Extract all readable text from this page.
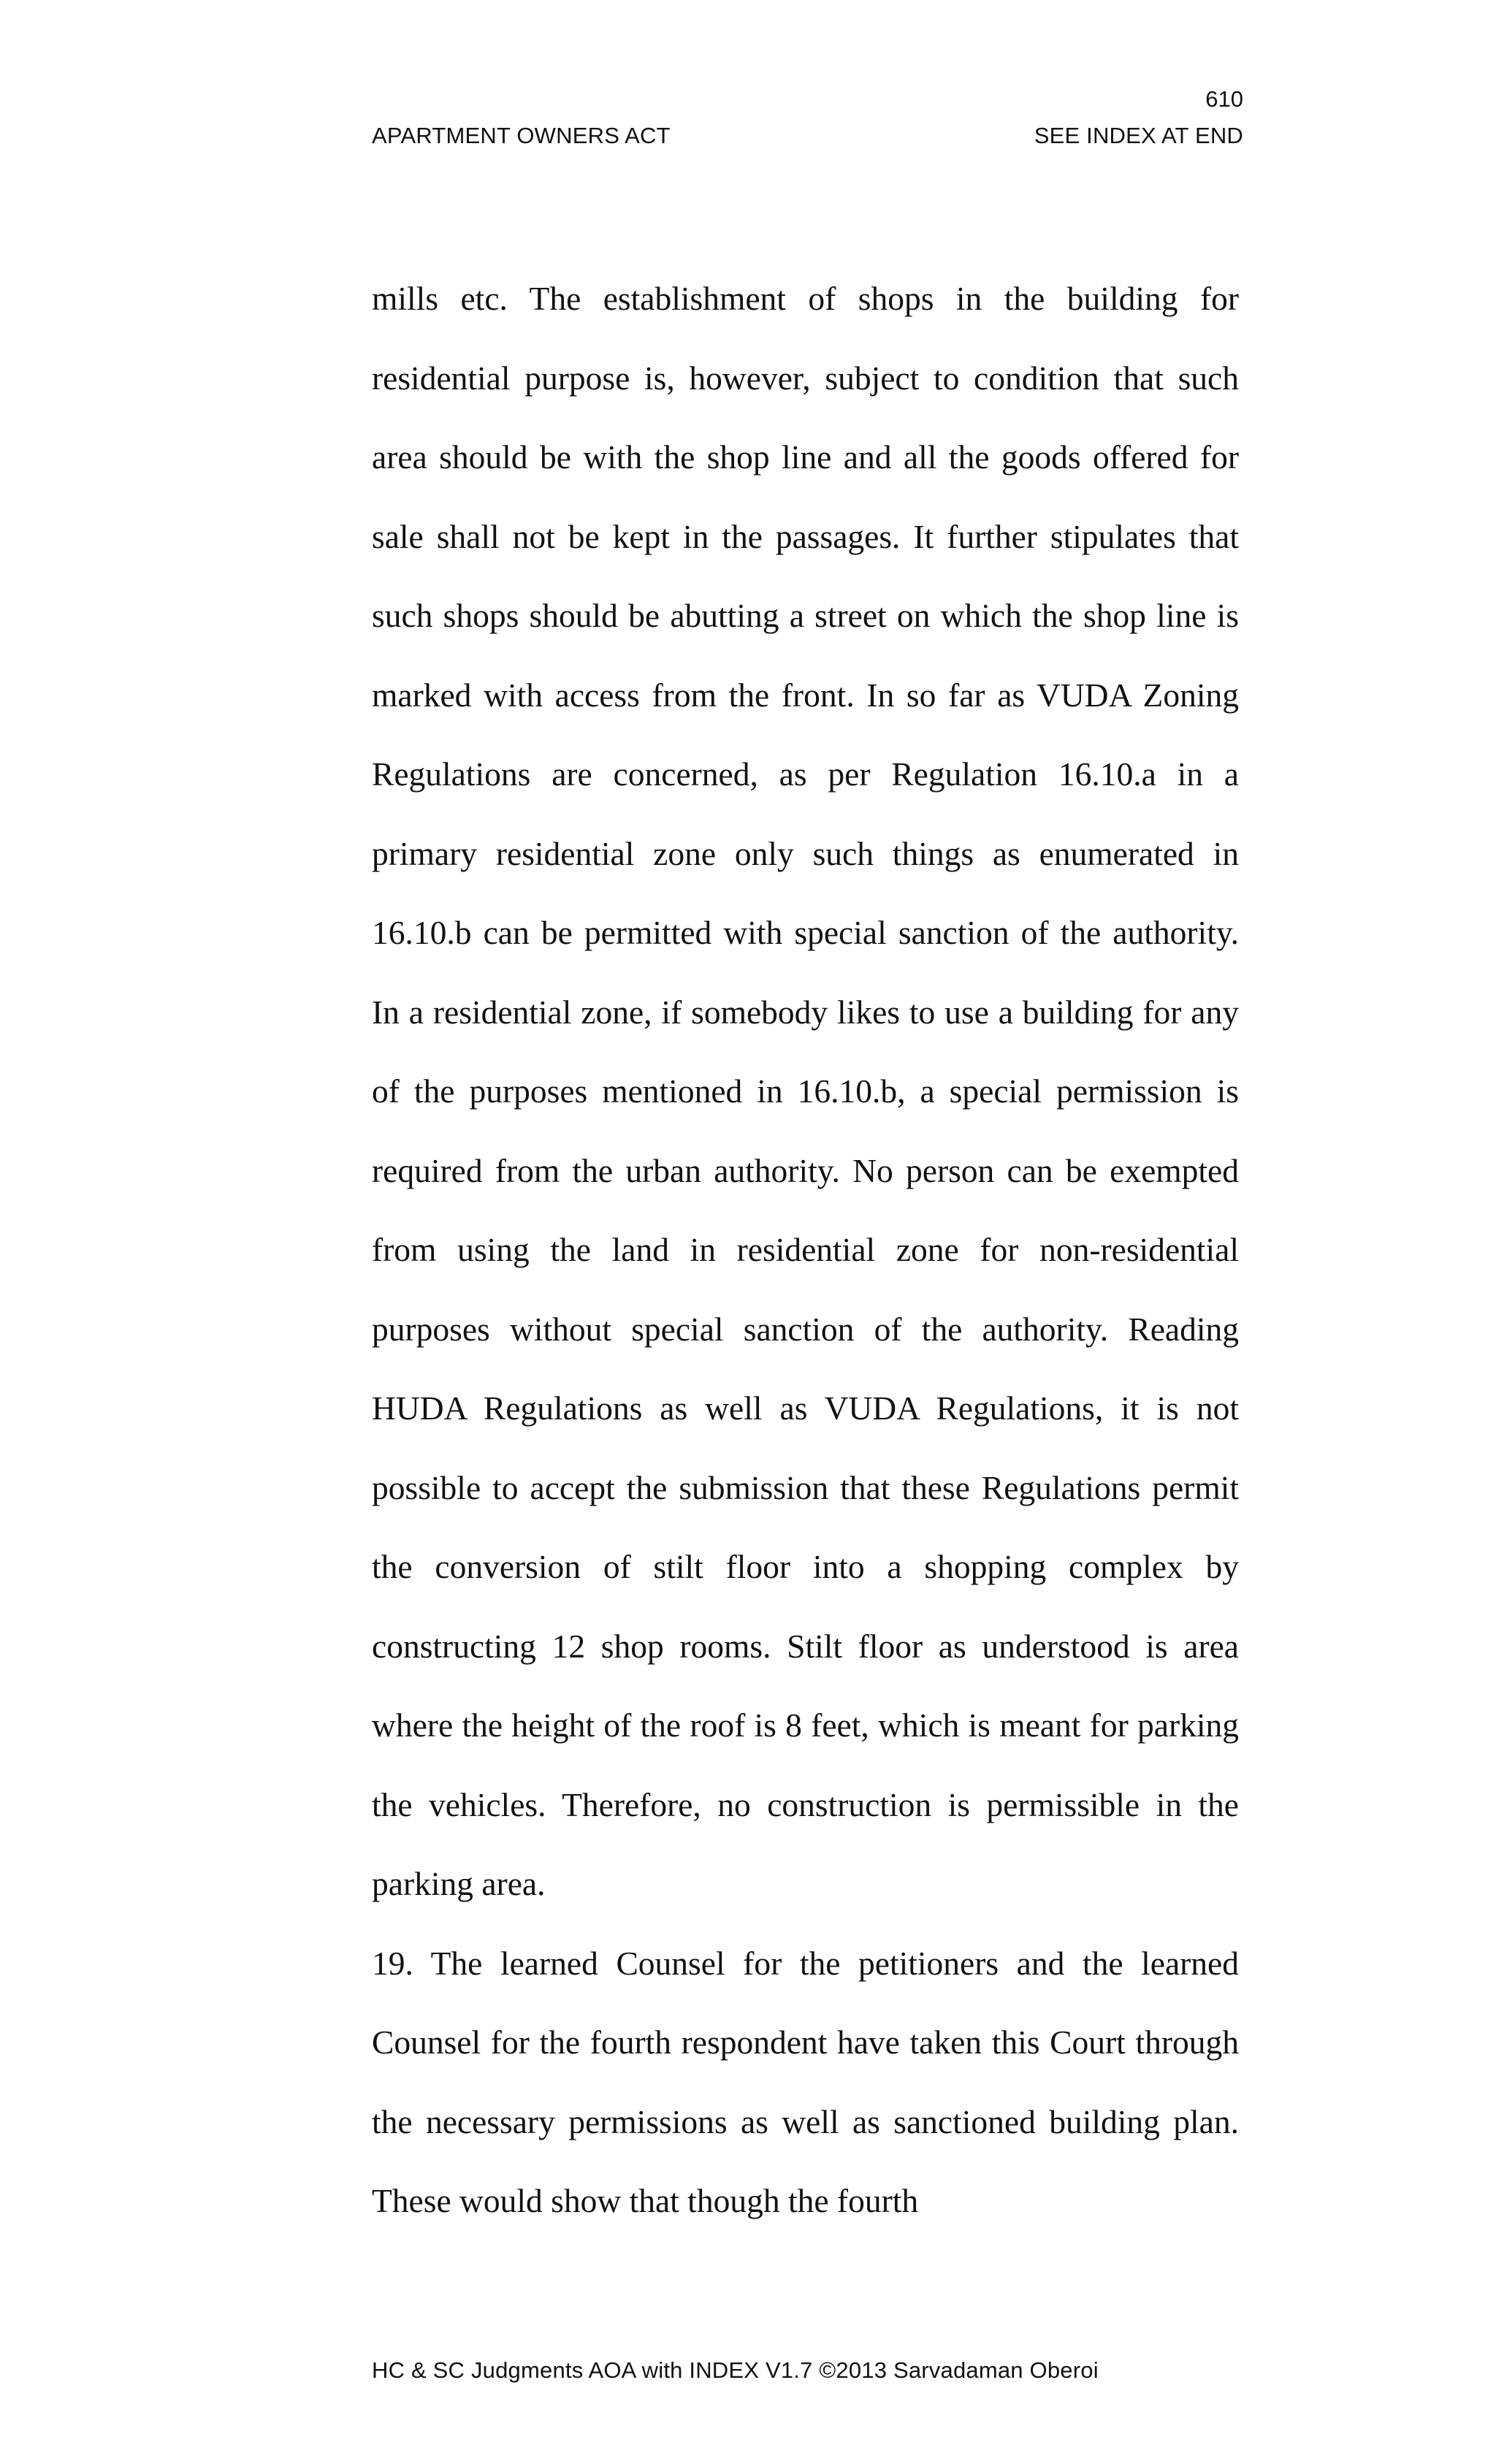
610
APARTMENT OWNERS ACT	SEE INDEX AT END

mills etc. The establishment of shops in the building for residential purpose is, however, subject to condition that such area should be with the shop line and all the goods offered for sale shall not be kept in the passages. It further stipulates that such shops should be abutting a street on which the shop line is marked with access from the front. In so far as VUDA Zoning Regulations are concerned, as per Regulation 16.10.a in a primary residential zone only such things as enumerated in 16.10.b can be permitted with special sanction of the authority. In a residential zone, if somebody likes to use a building for any of the purposes mentioned in 16.10.b, a special permission is required from the urban authority. No person can be exempted from using the land in residential zone for non-residential purposes without special sanction of the authority. Reading HUDA Regulations as well as VUDA Regulations, it is not possible to accept the submission that these Regulations permit the conversion of stilt floor into a shopping complex by constructing 12 shop rooms. Stilt floor as understood is area where the height of the roof is 8 feet, which is meant for parking the vehicles. Therefore, no construction is permissible in the parking area.

19. The learned Counsel for the petitioners and the learned Counsel for the fourth respondent have taken this Court through the necessary permissions as well as sanctioned building plan. These would show that though the fourth

HC & SC Judgments AOA with INDEX V1.7 ©2013 Sarvadaman Oberoi
